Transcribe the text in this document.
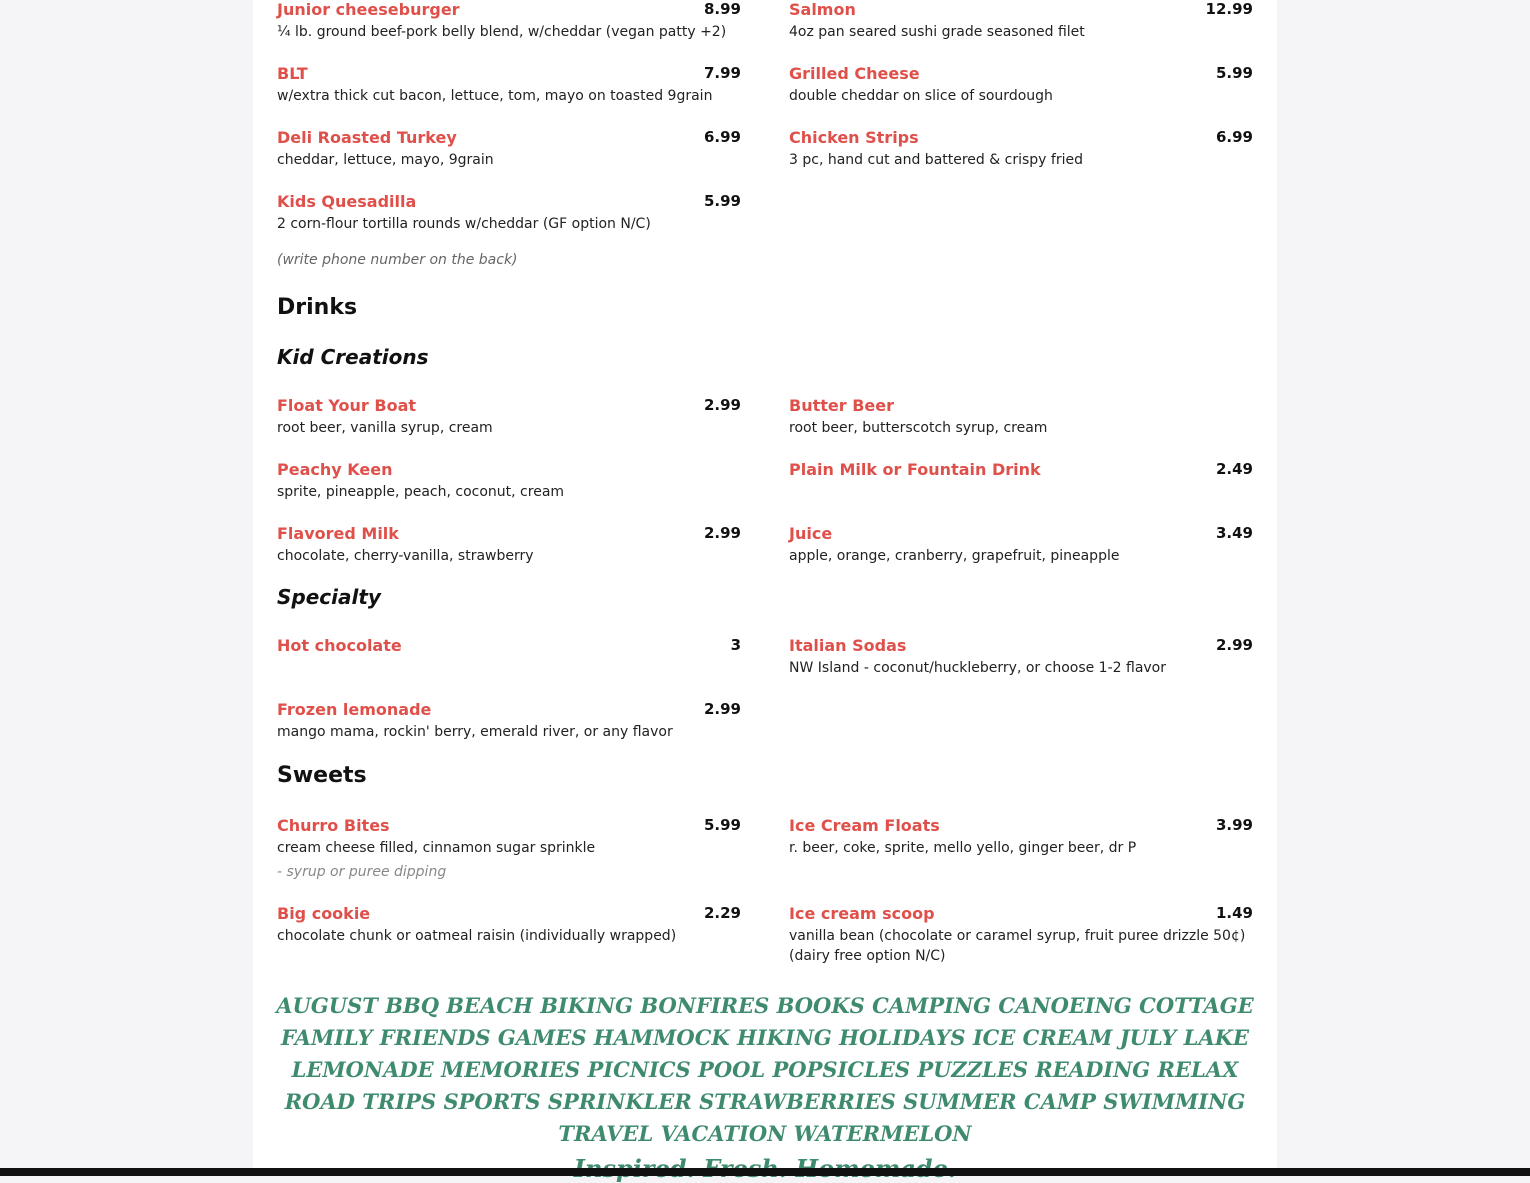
Junior cheeseburger	8.99
¼ lb. ground beef-pork belly blend, w/cheddar (vegan patty +2)
BLT	7.99
w/extra thick cut bacon, lettuce, tom, mayo on toasted 9grain
Deli Roasted Turkey	6.99
cheddar, lettuce, mayo, 9grain
Kids Quesadilla	5.99
2 corn-flour tortilla rounds w/cheddar (GF option N/C)
Salmon	12.99
4oz pan seared sushi grade seasoned filet
Grilled Cheese	5.99
double cheddar on slice of sourdough
Chicken Strips	6.99
3 pc, hand cut and battered & crispy fried
(write phone number on the back)
Drinks
Kid Creations
Float Your Boat	2.99
root beer, vanilla syrup, cream
Peachy Keen
sprite, pineapple, peach, coconut, cream
Flavored Milk	2.99
chocolate, cherry-vanilla, strawberry
Butter Beer
root beer, butterscotch syrup, cream
Plain Milk or Fountain Drink	2.49
Juice	3.49
apple, orange, cranberry, grapefruit, pineapple
Specialty
Hot chocolate	3
Frozen lemonade	2.99
mango mama, rockin' berry, emerald river, or any flavor
Italian Sodas	2.99
NW Island - coconut/huckleberry, or choose 1-2 flavor
Sweets
Churro Bites	5.99
cream cheese filled, cinnamon sugar sprinkle
- syrup or puree dipping
Big cookie	2.29
chocolate chunk or oatmeal raisin (individually wrapped)
Ice Cream Floats	3.99
r. beer, coke, sprite, mello yello, ginger beer, dr P
Ice cream scoop	1.49
vanilla bean (chocolate or caramel syrup, fruit puree drizzle 50¢)
(dairy free option N/C)
AUGUST BBQ BEACH BIKING BONFIRES BOOKS CAMPING CANOEING COTTAGE FAMILY FRIENDS GAMES HAMMOCK HIKING HOLIDAYS ICE CREAM JULY LAKE LEMONADE MEMORIES PICNICS POOL POPSICLES PUZZLES READING RELAX ROAD TRIPS SPORTS SPRINKLER STRAWBERRIES SUMMER CAMP SWIMMING TRAVEL VACATION WATERMELON
